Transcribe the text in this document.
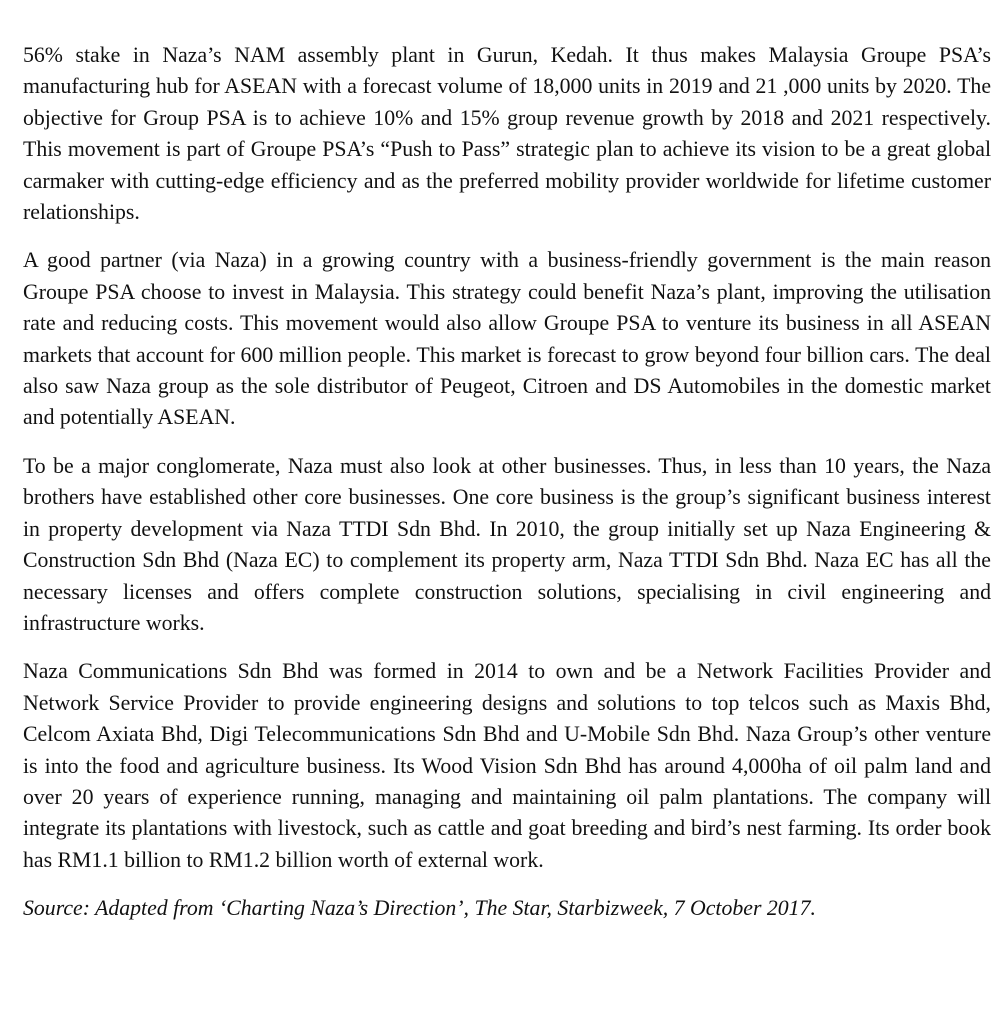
56% stake in Naza’s NAM assembly plant in Gurun, Kedah. It thus makes Malaysia Groupe PSA’s manufacturing hub for ASEAN with a forecast volume of 18,000 units in 2019 and 21 ,000 units by 2020. The objective for Group PSA is to achieve 10% and 15% group revenue growth by 2018 and 2021 respectively. This movement is part of Groupe PSA’s “Push to Pass” strategic plan to achieve its vision to be a great global carmaker with cutting-edge efficiency and as the preferred mobility provider worldwide for lifetime customer relationships.

A good partner (via Naza) in a growing country with a business-friendly government is the main reason Groupe PSA choose to invest in Malaysia. This strategy could benefit Naza’s plant, improving the utilisation rate and reducing costs. This movement would also allow Groupe PSA to venture its business in all ASEAN markets that account for 600 million people. This market is forecast to grow beyond four billion cars. The deal also saw Naza group as the sole distributor of Peugeot, Citroen and DS Automobiles in the domestic market and potentially ASEAN.

To be a major conglomerate, Naza must also look at other businesses. Thus, in less than 10 years, the Naza brothers have established other core businesses. One core business is the group’s significant business interest in property development via Naza TTDI Sdn Bhd. In 2010, the group initially set up Naza Engineering & Construction Sdn Bhd (Naza EC) to complement its property arm, Naza TTDI Sdn Bhd. Naza EC has all the necessary licenses and offers complete construction solutions, specialising in civil engineering and infrastructure works.

Naza Communications Sdn Bhd was formed in 2014 to own and be a Network Facilities Provider and Network Service Provider to provide engineering designs and solutions to top telcos such as Maxis Bhd, Celcom Axiata Bhd, Digi Telecommunications Sdn Bhd and U-Mobile Sdn Bhd. Naza Group’s other venture is into the food and agriculture business. Its Wood Vision Sdn Bhd has around 4,000ha of oil palm land and over 20 years of experience running, managing and maintaining oil palm plantations. The company will integrate its plantations with livestock, such as cattle and goat breeding and bird’s nest farming. Its order book has RM1.1 billion to RM1.2 billion worth of external work.

Source: Adapted from ‘Charting Naza’s Direction’, The Star, Starbizweek, 7 October 2017.
